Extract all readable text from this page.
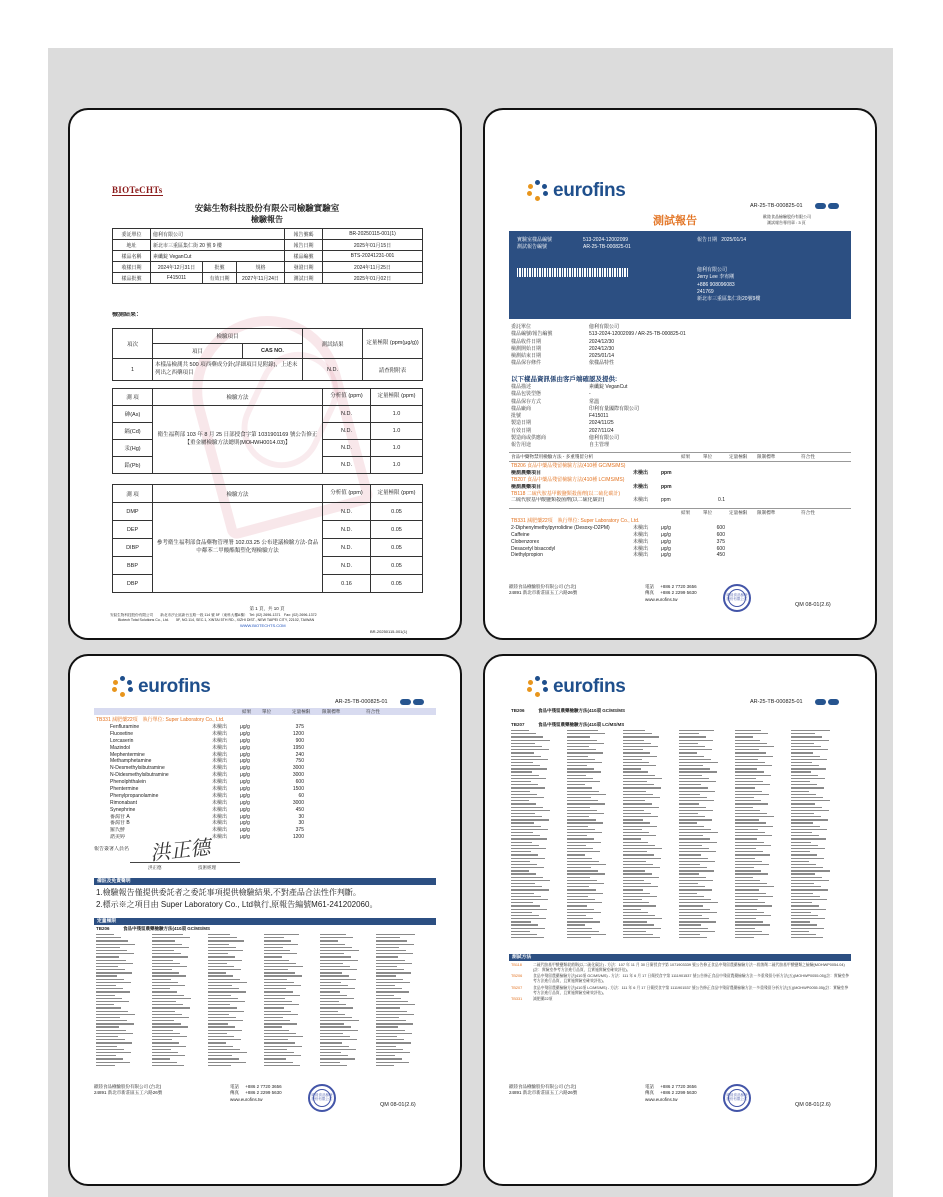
BIOTeCHTs
安鋕生物科技股份有限公司檢驗實驗室
檢驗報告
委託單位	億利有限公司			報告號碼	BR-20250115-001(1)
地址	新北市三重區集仁街 20 號 9 樓			報告日期	2025年01月15日
樣品名稱	素纖錠 VeganCut			樣品編號	BTS-20241231-001
收樣日期	2024年12月31日	批號	規格	發證日期	2024年11月25日
樣品批號	F415011	有效日期	2027年11月24日	測試日期	2025年01月02日
檢測結果：
項次	檢驗項目		測試結果	定量極限 (ppm(μg/g))
	項目	CAS NO.		
1	本樣品檢測共 500 項西藥成分針(詳細項目見附錄)，上述未列出之西藥項目		N.D.	請查附附表
測 項	檢驗方法	分析值 (ppm)	定量極限 (ppm)
砷(As)	衛生福利部 103 年 8 月 25 日部授食字第 1031901169 號公告修正【重金屬檢驗方法總則(MOHWH0014.03)】	N.D.	1.0
鎘(Cd)		N.D.	1.0
汞(Hg)		N.D.	1.0
鉛(Pb)		N.D.	1.0
測 項	檢驗方法	分析值 (ppm)	定量極限 (ppm)
DMP	參考衛生福利部食品藥物管理署 102.03.25 公布建議檢驗方法-食品中鄰苯二甲酸酯類塑化劑檢驗方法	N.D.	0.05
DEP		N.D.	0.05
DIBP		N.D.	0.05
BBP		N.D.	0.05
DBP		0.16	0.05
第 1 頁，共 10 頁
安鋕生物科技股份有限公司　　新北市汐止區新台五路一段 114 號 5F（東科大樓A棟）　Tel: (02) 2696-1371　Fax: (02) 2696-1372
Biotech Total Solutions Co., Ltd.　　5F, NO.114, SEC.1, XINTAI 5TH RD., XIZHI DIST., NEW TAIPEI CITY, 22102, TAIWAN
WWW.BIOTECHTS.COM
BR-20250115-001(1)
eurofins
AR-25-TB-000825-01
測試報告	歐陸食品檢驗股份有限公司
測試報告專用章 : 3 頁
實驗室樣品編號	513-2024-12002099
測試報告編號	AR-25-TB-000825-01
報告日期 2025/01/14
億利有限公司
Jerry Lee 李宥剛
+886 908096083
241769
新北市三重區集仁街20號9樓
委託單位	億利有限公司
樣品編號/報告編號	513-2024-12002099 / AR-25-TB-000825-01
樣品收件日期	2024/12/30
檢測開始日期	2024/12/30
檢測結束日期	2025/01/14
樣品保存條件	依樣品特性
以下樣品資訊係由客戶端確認及提供:
樣品描述	素纖錠 VeganCut
樣品包裝型態	-
樣品保存方式	常溫
樣品廠商	印利有量國際有限公司
批號	F415011
製造日期	2024/11/25
有效日期	2027/11/24
製造商或供應商	億利有限公司
報告用途	自主管理
食品中藥物禁用檢驗方法 - 多重殘留分析	結果	單位	定量極限 限制標準	符合性
TB206 食品中藥品殘留檢驗方法(410種 GC/MS/MS)
檢測農藥項目	未檢出	ppm
TB207 食品中藥品殘留檢驗方法(410種 LC/MS/MS)
檢測農藥項目	未檢出	ppm
TB118 二硫代胺基甲酸鹽類殺菌劑(以二硫化碳計)
二硫代胺基甲酸鹽類殺菌劑(以二硫化碳計)	未檢出	ppm	0.1
結果	單位	定量極限 限制標準	符合性
TB331 減肥藥22項　執行單位: Super Laboratory Co., Ltd.
2-Diphenylmethylpyrrolidine (Desoxy-D2PM)	未檢出	μg/g	600
Caffeine	未檢出	μg/g	600
Clobenzorex	未檢出	μg/g	375
Desacetyl bisacodyl	未檢出	μg/g	600
Diethylpropion	未檢出	μg/g	450
歐陸食品檢驗股份有限公司 (台北)
24891 新北市新莊區五工六路26號
電話 +886 2 7720 3656
傳真 +886 2 2299 5630
www.eurofins.tw
歐陸食品檢驗股份有限公司
QM 08-01(2.6)
eurofins
AR-25-TB-000825-01
結果 單位	定量極限	限制標準	符合性
TB331 減肥藥22項　執行單位: Super Laboratory Co., Ltd.
Fenfluramine	未檢出	μg/g	375
Fluoxetine	未檢出	μg/g	1200
Lorcaserin	未檢出	μg/g	900
Mazindol	未檢出	μg/g	1950
Mephentermine	未檢出	μg/g	240
Methamphetamine	未檢出	μg/g	750
N-Desmethylsibutramine	未檢出	μg/g	3000
N-Didesmethylsibutramine	未檢出	μg/g	3000
Phenolphthalein	未檢出	μg/g	600
Phentermine	未檢出	μg/g	1500
Phenylpropanolamine	未檢出	μg/g	60
Rimonabant	未檢出	μg/g	3000
Synephrine	未檢出	μg/g	450
番瀉苷 A	未檢出	μg/g	30
番瀉苷 B	未檢出	μg/g	30
羅氏鮮	未檢出	μg/g	375
諾美婷	未檢出	μg/g	1200
報告簽署人員名 洪正德
洪正德	技術經理
備註及免責聲明
1.檢驗報告僅提供委託者之委託事項提供檢驗結果,不對產品合法性作判斷。
2.標示※之項目由 Super Laboratory Co., Ltd執行,原報告編號M61-241202060。
定量極限
TB206　　　食品中殘留農藥檢驗方法(410項 GC/MS/MS
歐陸食品檢驗股份有限公司 (台北)
24891 新北市新莊區五工六路26號
電話 +886 2 7720 3656
傳真 +886 2 2299 5630
www.eurofins.tw
歐陸食品檢驗股份有限公司
QM 08-01(2.6)
eurofins
AR-25-TB-000825-01
TB206　　　食品中殘留農藥檢驗方法(410項 GC/MS/MS
TB207　　　食品中殘留農藥檢驗方法(410項 LC/MS/MS
測試方法
TB118	二硫代胺基甲酸鹽類殺菌劑(以二硫化碳計) ‑ 方法：107 年 11 月 30 日衛授食字第 1071903339 號公告修正食品中殘留農藥檢驗方法－殺菌劑二硫代胺基甲酸鹽類之檢驗(MOHWP0054.04)(註：實驗室參考方法進行品質，且實施實驗室確效評估)。
TB206	食品中殘留農藥檢驗方法(410項 GC/MS/MS) ‑ 方法：111 年 6 月 17 日衛授食字第 1111901537 號公告修正食品中殘留農藥檢驗方法－多重殘留分析方法(五)(MOHWP0055.05)(註：實驗室參考方法進行品質，且實施實驗室確效評估)。
TB207	食品中殘留農藥檢驗方法(410項 LC/MS/MS) ‑ 方法：111 年 6 月 17 日衛授食字第 1111901537 號公告修正食品中殘留農藥檢驗方法－多重殘留分析方法(五)(MOHWP0055.05)(註：實驗室參考方法進行品質，且實施實驗室確效評估)。
TB331	減肥藥22項
歐陸食品檢驗股份有限公司 (台北)
24891 新北市新莊區五工六路26號
電話 +886 2 7720 3656
傳真 +886 2 2299 5630
www.eurofins.tw
歐陸食品檢驗股份有限公司
QM 08-01(2.6)
